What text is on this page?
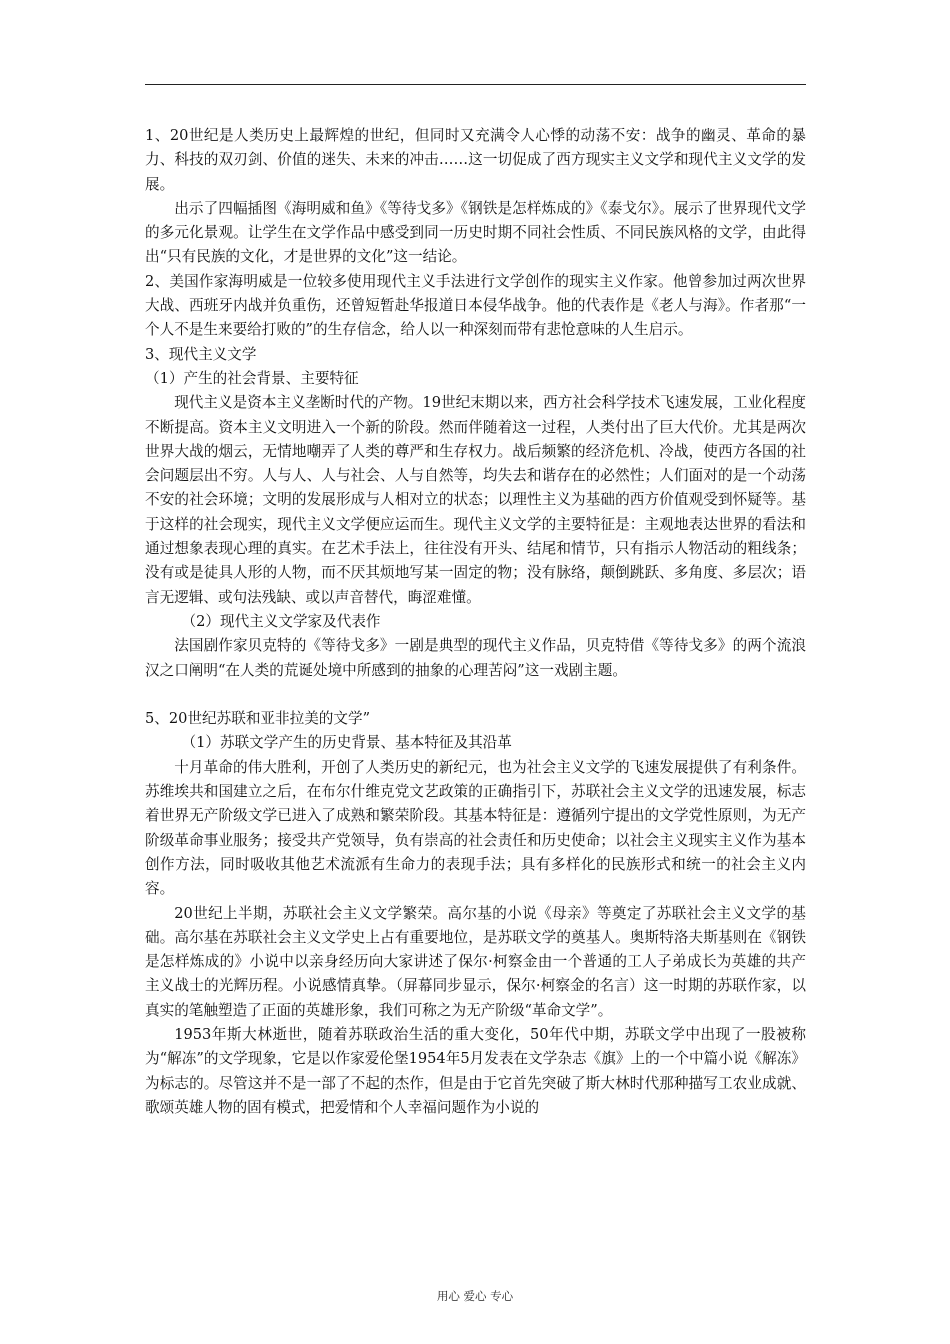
1、20世纪是人类历史上最辉煌的世纪，但同时又充满令人心悸的动荡不安：战争的幽灵、革命的暴力、科技的双刃剑、价值的迷失、未来的冲击……这一切促成了西方现实主义文学和现代主义文学的发展。

出示了四幅插图《海明威和鱼》《等待戈多》《钢铁是怎样炼成的》《泰戈尔》。展示了世界现代文学的多元化景观。让学生在文学作品中感受到同一历史时期不同社会性质、不同民族风格的文学，由此得出“只有民族的文化，才是世界的文化”这一结论。

2、美国作家海明威是一位较多使用现代主义手法进行文学创作的现实主义作家。他曾参加过两次世界大战、西班牙内战并负重伤，还曾短暂赴华报道日本侵华战争。他的代表作是《老人与海》。作者那“一个人不是生来要给打败的”的生存信念，给人以一种深刻而带有悲怆意味的人生启示。

3、现代主义文学

（1）产生的社会背景、主要特征

现代主义是资本主义垄断时代的产物。19世纪末期以来，西方社会科学技术飞速发展，工业化程度不断提高。资本主义文明进入一个新的阶段。然而伴随着这一过程，人类付出了巨大代价。尤其是两次世界大战的烟云，无情地嘲弄了人类的尊严和生存权力。战后频繁的经济危机、冷战，使西方各国的社会问题层出不穷。人与人、人与社会、人与自然等，均失去和谐存在的必然性；人们面对的是一个动荡不安的社会环境；文明的发展形成与人相对立的状态；以理性主义为基础的西方价值观受到怀疑等。基于这样的社会现实，现代主义文学便应运而生。现代主义文学的主要特征是：主观地表达世界的看法和通过想象表现心理的真实。在艺术手法上，往往没有开头、结尾和情节，只有指示人物活动的粗线条；没有或是徒具人形的人物，而不厌其烦地写某一固定的物；没有脉络，颠倒跳跃、多角度、多层次；语言无逻辑、或句法残缺、或以声音替代，晦涩难懂。

（2）现代主义文学家及代表作

法国剧作家贝克特的《等待戈多》一剧是典型的现代主义作品，贝克特借《等待戈多》的两个流浪汉之口阐明“在人类的荒诞处境中所感到的抽象的心理苦闷”这一戏剧主题。

5、20世纪苏联和亚非拉美的文学”

（1）苏联文学产生的历史背景、基本特征及其沿革

十月革命的伟大胜利，开创了人类历史的新纪元，也为社会主义文学的飞速发展提供了有利条件。苏维埃共和国建立之后，在布尔什维克党文艺政策的正确指引下，苏联社会主义文学的迅速发展，标志着世界无产阶级文学已进入了成熟和繁荣阶段。其基本特征是：遵循列宁提出的文学党性原则，为无产阶级革命事业服务；接受共产党领导，负有崇高的社会责任和历史使命；以社会主义现实主义作为基本创作方法，同时吸收其他艺术流派有生命力的表现手法；具有多样化的民族形式和统一的社会主义内容。

20世纪上半期，苏联社会主义文学繁荣。高尔基的小说《母亲》等奠定了苏联社会主义文学的基础。高尔基在苏联社会主义文学史上占有重要地位，是苏联文学的奠基人。奥斯特洛夫斯基则在《钢铁是怎样炼成的》小说中以亲身经历向大家讲述了保尔·柯察金由一个普通的工人子弟成长为英雄的共产主义战士的光辉历程。小说感情真挚。（屏幕同步显示，保尔·柯察金的名言）这一时期的苏联作家，以真实的笔触塑造了正面的英雄形象，我们可称之为无产阶级“革命文学”。

1953年斯大林逝世，随着苏联政治生活的重大变化，50年代中期，苏联文学中出现了一股被称为“解冻”的文学现象，它是以作家爱伦堡1954年5月发表在文学杂志《旗》上的一个中篇小说《解冻》为标志的。尽管这并不是一部了不起的杰作，但是由于它首先突破了斯大林时代那种描写工农业成就、歌颂英雄人物的固有模式，把爱情和个人幸福问题作为小说的

用心 爱心 专心
